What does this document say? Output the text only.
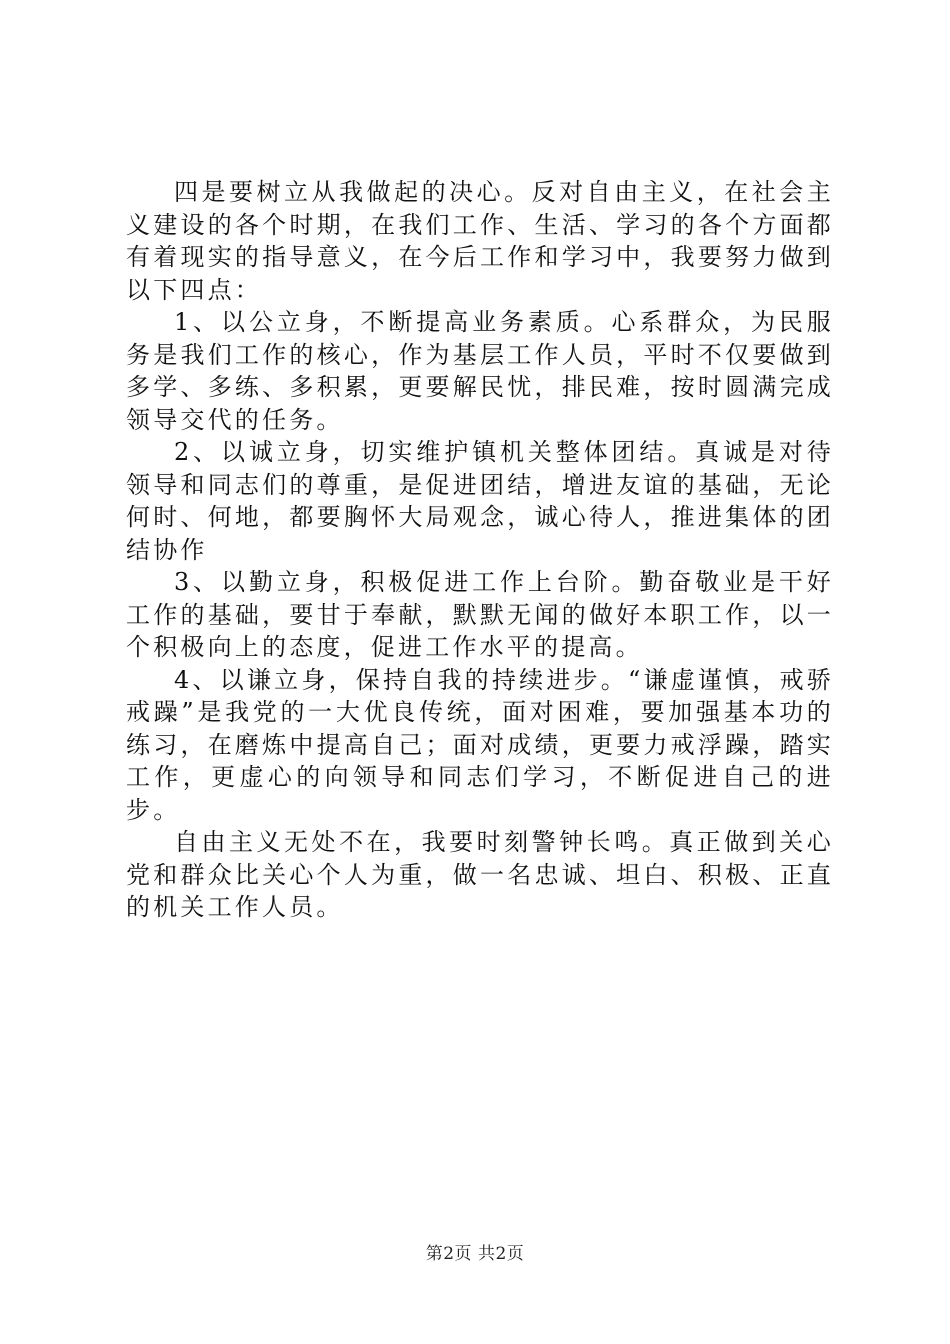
四是要树立从我做起的决心。反对自由主义，在社会主义建设的各个时期，在我们工作、生活、学习的各个方面都有着现实的指导意义，在今后工作和学习中，我要努力做到以下四点：

1、以公立身，不断提高业务素质。心系群众，为民服务是我们工作的核心，作为基层工作人员，平时不仅要做到多学、多练、多积累，更要解民忧，排民难，按时圆满完成领导交代的任务。

2、以诚立身，切实维护镇机关整体团结。真诚是对待领导和同志们的尊重，是促进团结，增进友谊的基础，无论何时、何地，都要胸怀大局观念，诚心待人，推进集体的团结协作

3、以勤立身，积极促进工作上台阶。勤奋敬业是干好工作的基础，要甘于奉献，默默无闻的做好本职工作，以一个积极向上的态度，促进工作水平的提高。

4、以谦立身，保持自我的持续进步。“谦虚谨慎，戒骄戒躁”是我党的一大优良传统，面对困难，要加强基本功的练习，在磨炼中提高自己；面对成绩，更要力戒浮躁，踏实工作，更虚心的向领导和同志们学习，不断促进自己的进步。

自由主义无处不在，我要时刻警钟长鸣。真正做到关心党和群众比关心个人为重，做一名忠诚、坦白、积极、正直的机关工作人员。

第2页 共2页
